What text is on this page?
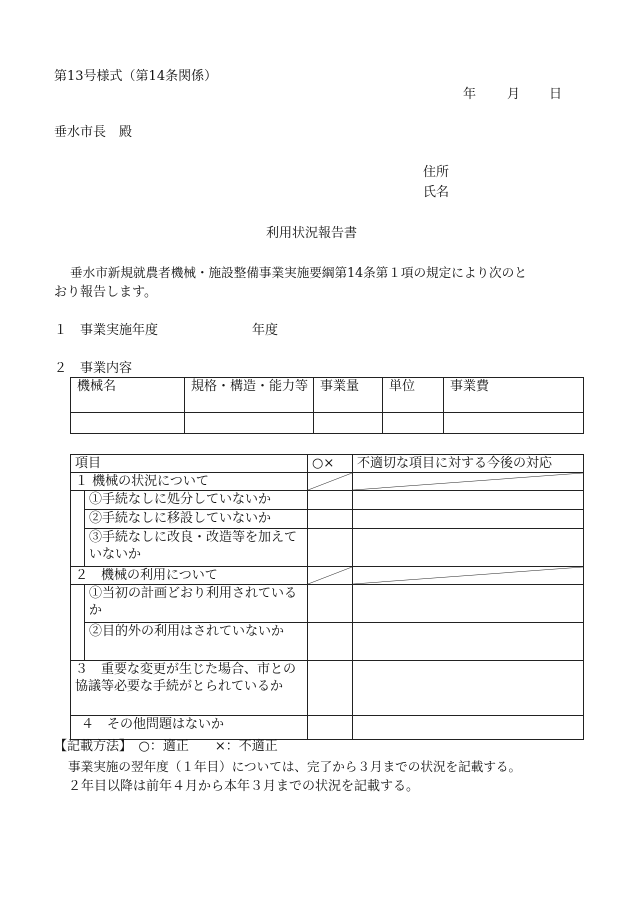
第13号様式（第14条関係）
年 月 日
垂水市長　殿
住所
氏名
利用状況報告書
垂水市新規就農者機械・施設整備事業実施要綱第14条第１項の規定により次のと
おり報告します。
１　事業実施年度	年度
２　事業内容
機械名	規格・構造・能力等	事業量	単位	事業費

項目		○×	不適切な項目に対する今後の対応
１ 機械の状況について	

	①手続なしに処分していないか		
	②手続なしに移設していないか		
	③手続なしに改良・改造等を加えていないか		
２　機械の利用について	

	①当初の計画どおり利用されているか		
	②目的外の利用はされていないか		
３　重要な変更が生じた場合、市との協議等必要な手続がとられているか			
４　その他問題はないか			
【記載方法】　○：適正　　×：不適正
事業実施の翌年度（１年目）については、完了から３月までの状況を記載する。
２年目以降は前年４月から本年３月までの状況を記載する。
